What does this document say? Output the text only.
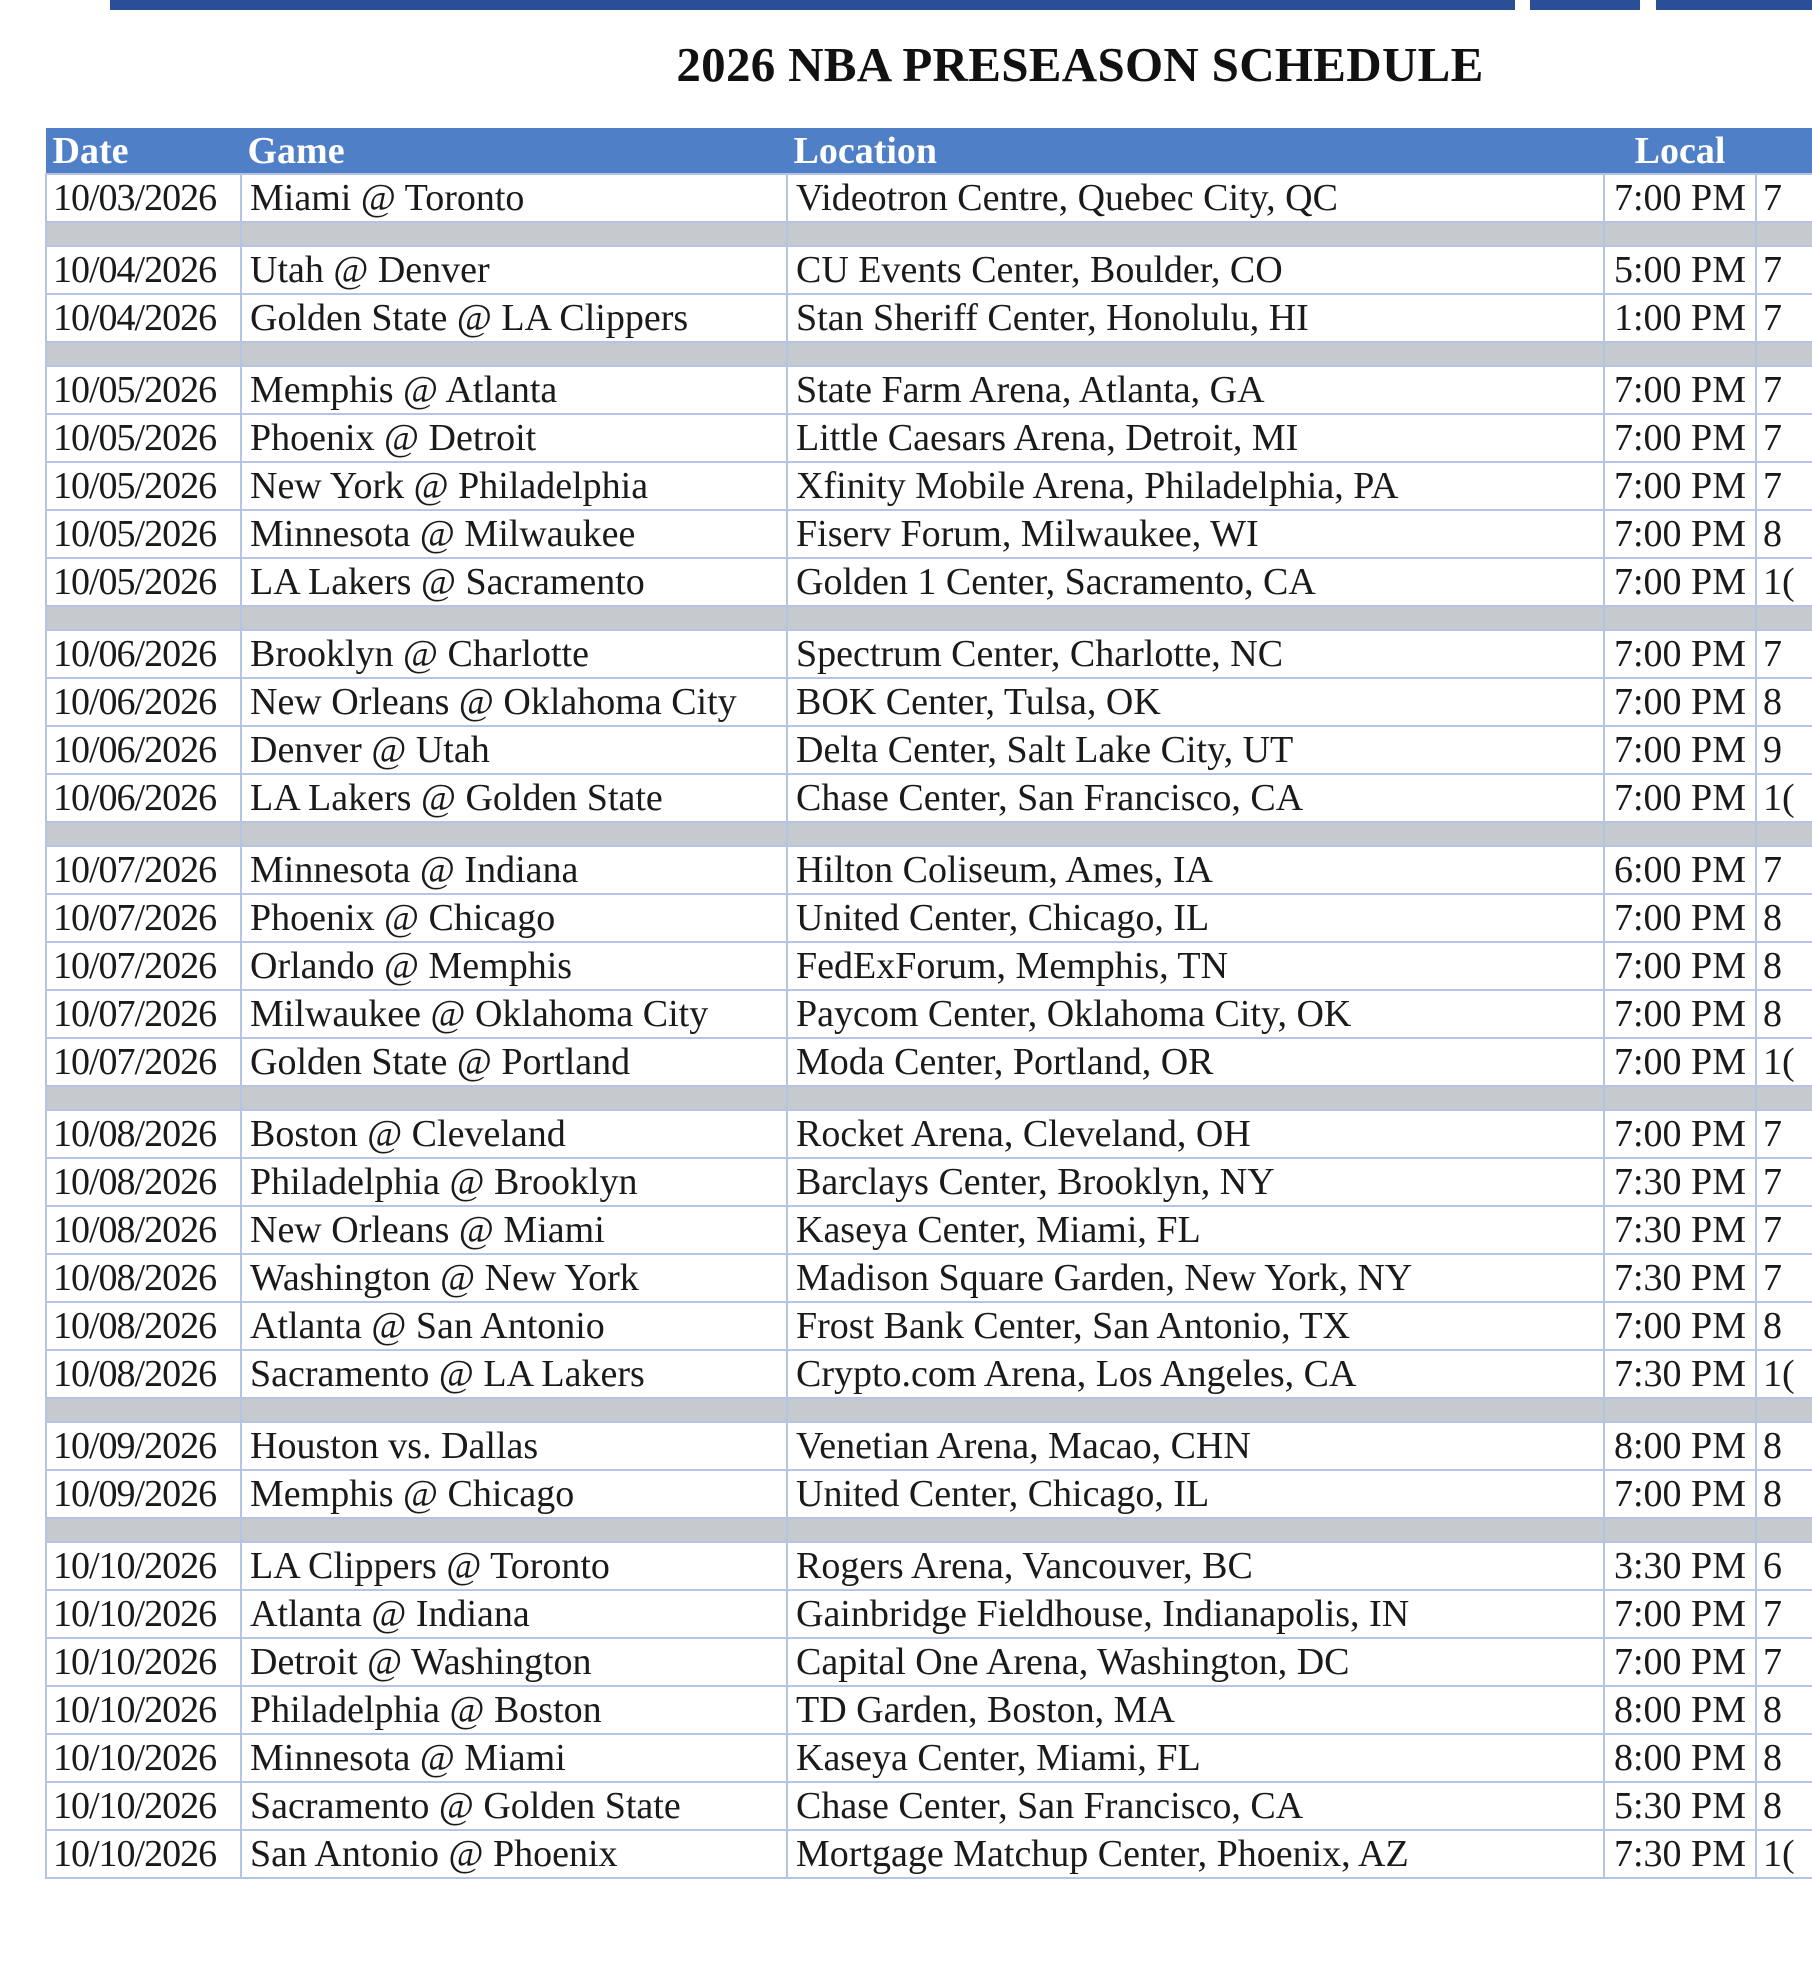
2026 NBA PRESEASON SCHEDULE
Date	Game	Location	Local	
10/03/2026	Miami @ Toronto	Videotron Centre, Quebec City, QC	7:00 PM	7

10/04/2026	Utah @ Denver	CU Events Center, Boulder, CO	5:00 PM	7
10/04/2026	Golden State @ LA Clippers	Stan Sheriff Center, Honolulu, HI	1:00 PM	7

10/05/2026	Memphis @ Atlanta	State Farm Arena, Atlanta, GA	7:00 PM	7
10/05/2026	Phoenix @ Detroit	Little Caesars Arena, Detroit, MI	7:00 PM	7
10/05/2026	New York @ Philadelphia	Xfinity Mobile Arena, Philadelphia, PA	7:00 PM	7
10/05/2026	Minnesota @ Milwaukee	Fiserv Forum, Milwaukee, WI	7:00 PM	8
10/05/2026	LA Lakers @ Sacramento	Golden 1 Center, Sacramento, CA	7:00 PM	1(

10/06/2026	Brooklyn @ Charlotte	Spectrum Center, Charlotte, NC	7:00 PM	7
10/06/2026	New Orleans @ Oklahoma City	BOK Center, Tulsa, OK	7:00 PM	8
10/06/2026	Denver @ Utah	Delta Center, Salt Lake City, UT	7:00 PM	9
10/06/2026	LA Lakers @ Golden State	Chase Center, San Francisco, CA	7:00 PM	1(

10/07/2026	Minnesota @ Indiana	Hilton Coliseum, Ames, IA	6:00 PM	7
10/07/2026	Phoenix @ Chicago	United Center, Chicago, IL	7:00 PM	8
10/07/2026	Orlando @ Memphis	FedExForum, Memphis, TN	7:00 PM	8
10/07/2026	Milwaukee @ Oklahoma City	Paycom Center, Oklahoma City, OK	7:00 PM	8
10/07/2026	Golden State @ Portland	Moda Center, Portland, OR	7:00 PM	1(

10/08/2026	Boston @ Cleveland	Rocket Arena, Cleveland, OH	7:00 PM	7
10/08/2026	Philadelphia @ Brooklyn	Barclays Center, Brooklyn, NY	7:30 PM	7
10/08/2026	New Orleans @ Miami	Kaseya Center, Miami, FL	7:30 PM	7
10/08/2026	Washington @ New York	Madison Square Garden, New York, NY	7:30 PM	7
10/08/2026	Atlanta @ San Antonio	Frost Bank Center, San Antonio, TX	7:00 PM	8
10/08/2026	Sacramento @ LA Lakers	Crypto.com Arena, Los Angeles, CA	7:30 PM	1(

10/09/2026	Houston vs. Dallas	Venetian Arena, Macao, CHN	8:00 PM	8
10/09/2026	Memphis @ Chicago	United Center, Chicago, IL	7:00 PM	8

10/10/2026	LA Clippers @ Toronto	Rogers Arena, Vancouver, BC	3:30 PM	6
10/10/2026	Atlanta @ Indiana	Gainbridge Fieldhouse, Indianapolis, IN	7:00 PM	7
10/10/2026	Detroit @ Washington	Capital One Arena, Washington, DC	7:00 PM	7
10/10/2026	Philadelphia @ Boston	TD Garden, Boston, MA	8:00 PM	8
10/10/2026	Minnesota @ Miami	Kaseya Center, Miami, FL	8:00 PM	8
10/10/2026	Sacramento @ Golden State	Chase Center, San Francisco, CA	5:30 PM	8
10/10/2026	San Antonio @ Phoenix	Mortgage Matchup Center, Phoenix, AZ	7:30 PM	1(
